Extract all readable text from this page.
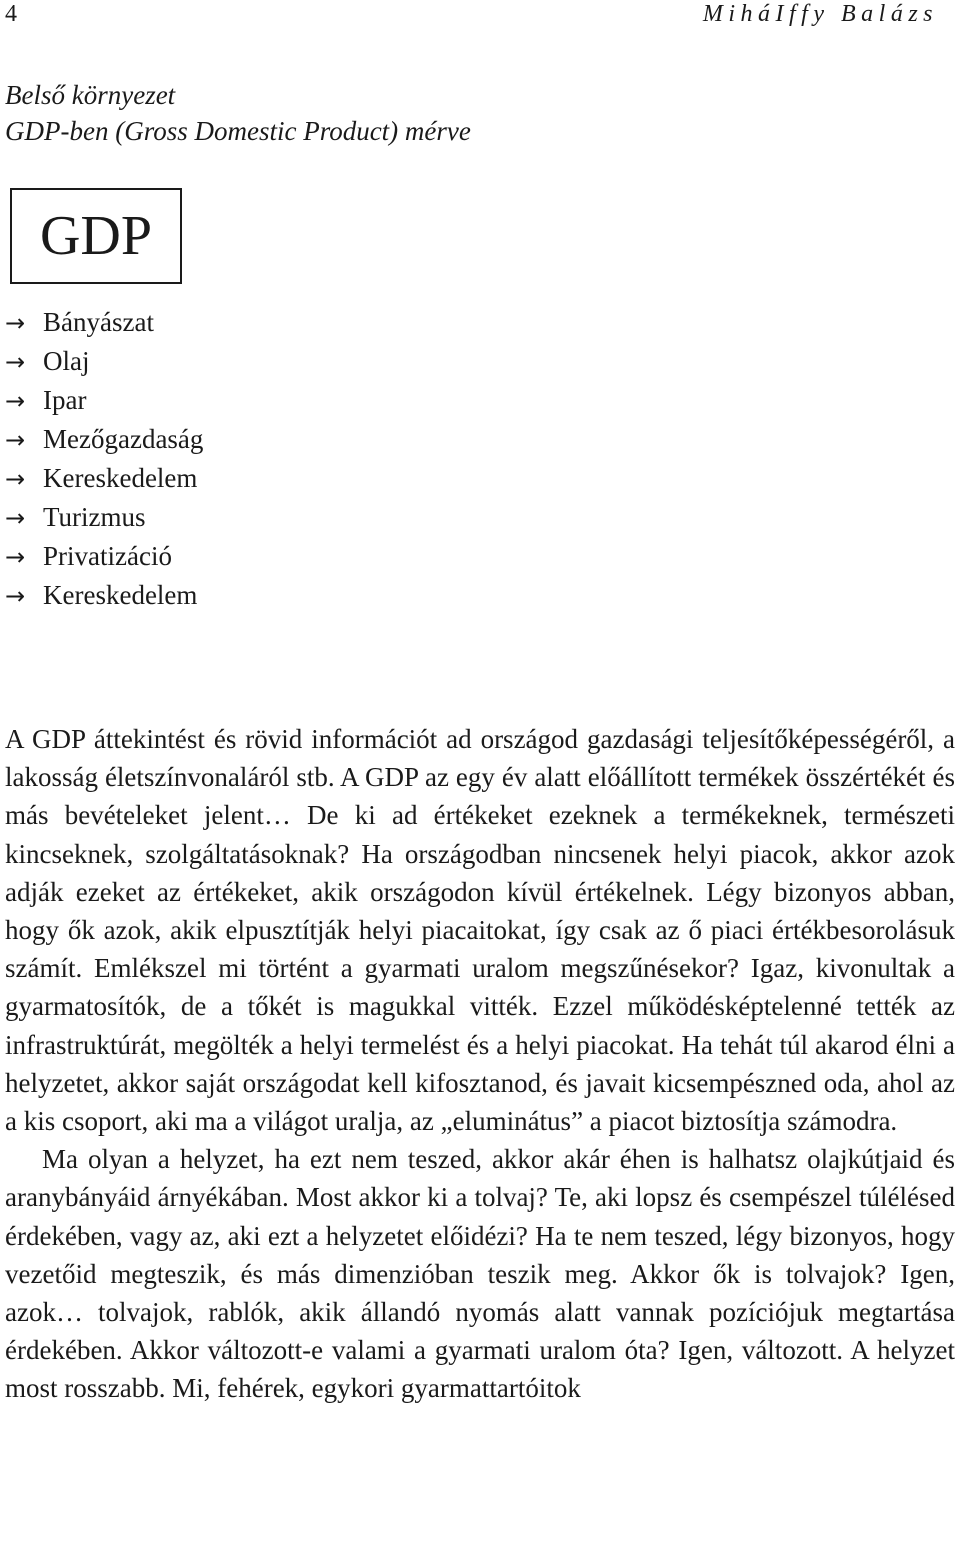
4	MiháIffy Balázs
Belső környezet
GDP-ben (Gross Domestic Product) mérve
GDP
→ Bányászat
→ Olaj
→ Ipar
→ Mezőgazdaság
→ Kereskedelem
→ Turizmus
→ Privatizáció
→ Kereskedelem

A GDP áttekintést és rövid információt ad országod gazdasági teljesítőképességéről, a lakosság életszínvonaláról stb. A GDP az egy év alatt előállított termékek összértékét és más bevételeket jelent… De ki ad értékeket ezeknek a termékeknek, természeti kincseknek, szolgáltatásoknak? Ha országodban nincsenek helyi piacok, akkor azok adják ezeket az értékeket, akik országodon kívül értékelnek. Légy bizonyos abban, hogy ők azok, akik elpusztítják helyi piacaitokat, így csak az ő piaci értékbesorolásuk számít. Emlékszel mi történt a gyarmati uralom megszűnésekor? Igaz, kivonultak a gyarmatosítók, de a tőkét is magukkal vitték. Ezzel működésképtelenné tették az infrastruktúrát, megölték a helyi termelést és a helyi piacokat. Ha tehát túl akarod élni a helyzetet, akkor saját országodat kell kifosztanod, és javait kicsempészned oda, ahol az a kis csoport, aki ma a világot uralja, az „eluminátus” a piacot biztosítja számodra.

Ma olyan a helyzet, ha ezt nem teszed, akkor akár éhen is halhatsz olajkútjaid és aranybányáid árnyékában. Most akkor ki a tolvaj? Te, aki lopsz és csempészel túlélésed érdekében, vagy az, aki ezt a helyzetet előidézi? Ha te nem teszed, légy bizonyos, hogy vezetőid megteszik, és más dimenzióban teszik meg. Akkor ők is tolvajok? Igen, azok… tolvajok, rablók, akik állandó nyomás alatt vannak pozíciójuk megtartása érdekében. Akkor változott-e valami a gyarmati uralom óta? Igen, változott. A helyzet most rosszabb. Mi, fehérek, egykori gyarmattartóitok
